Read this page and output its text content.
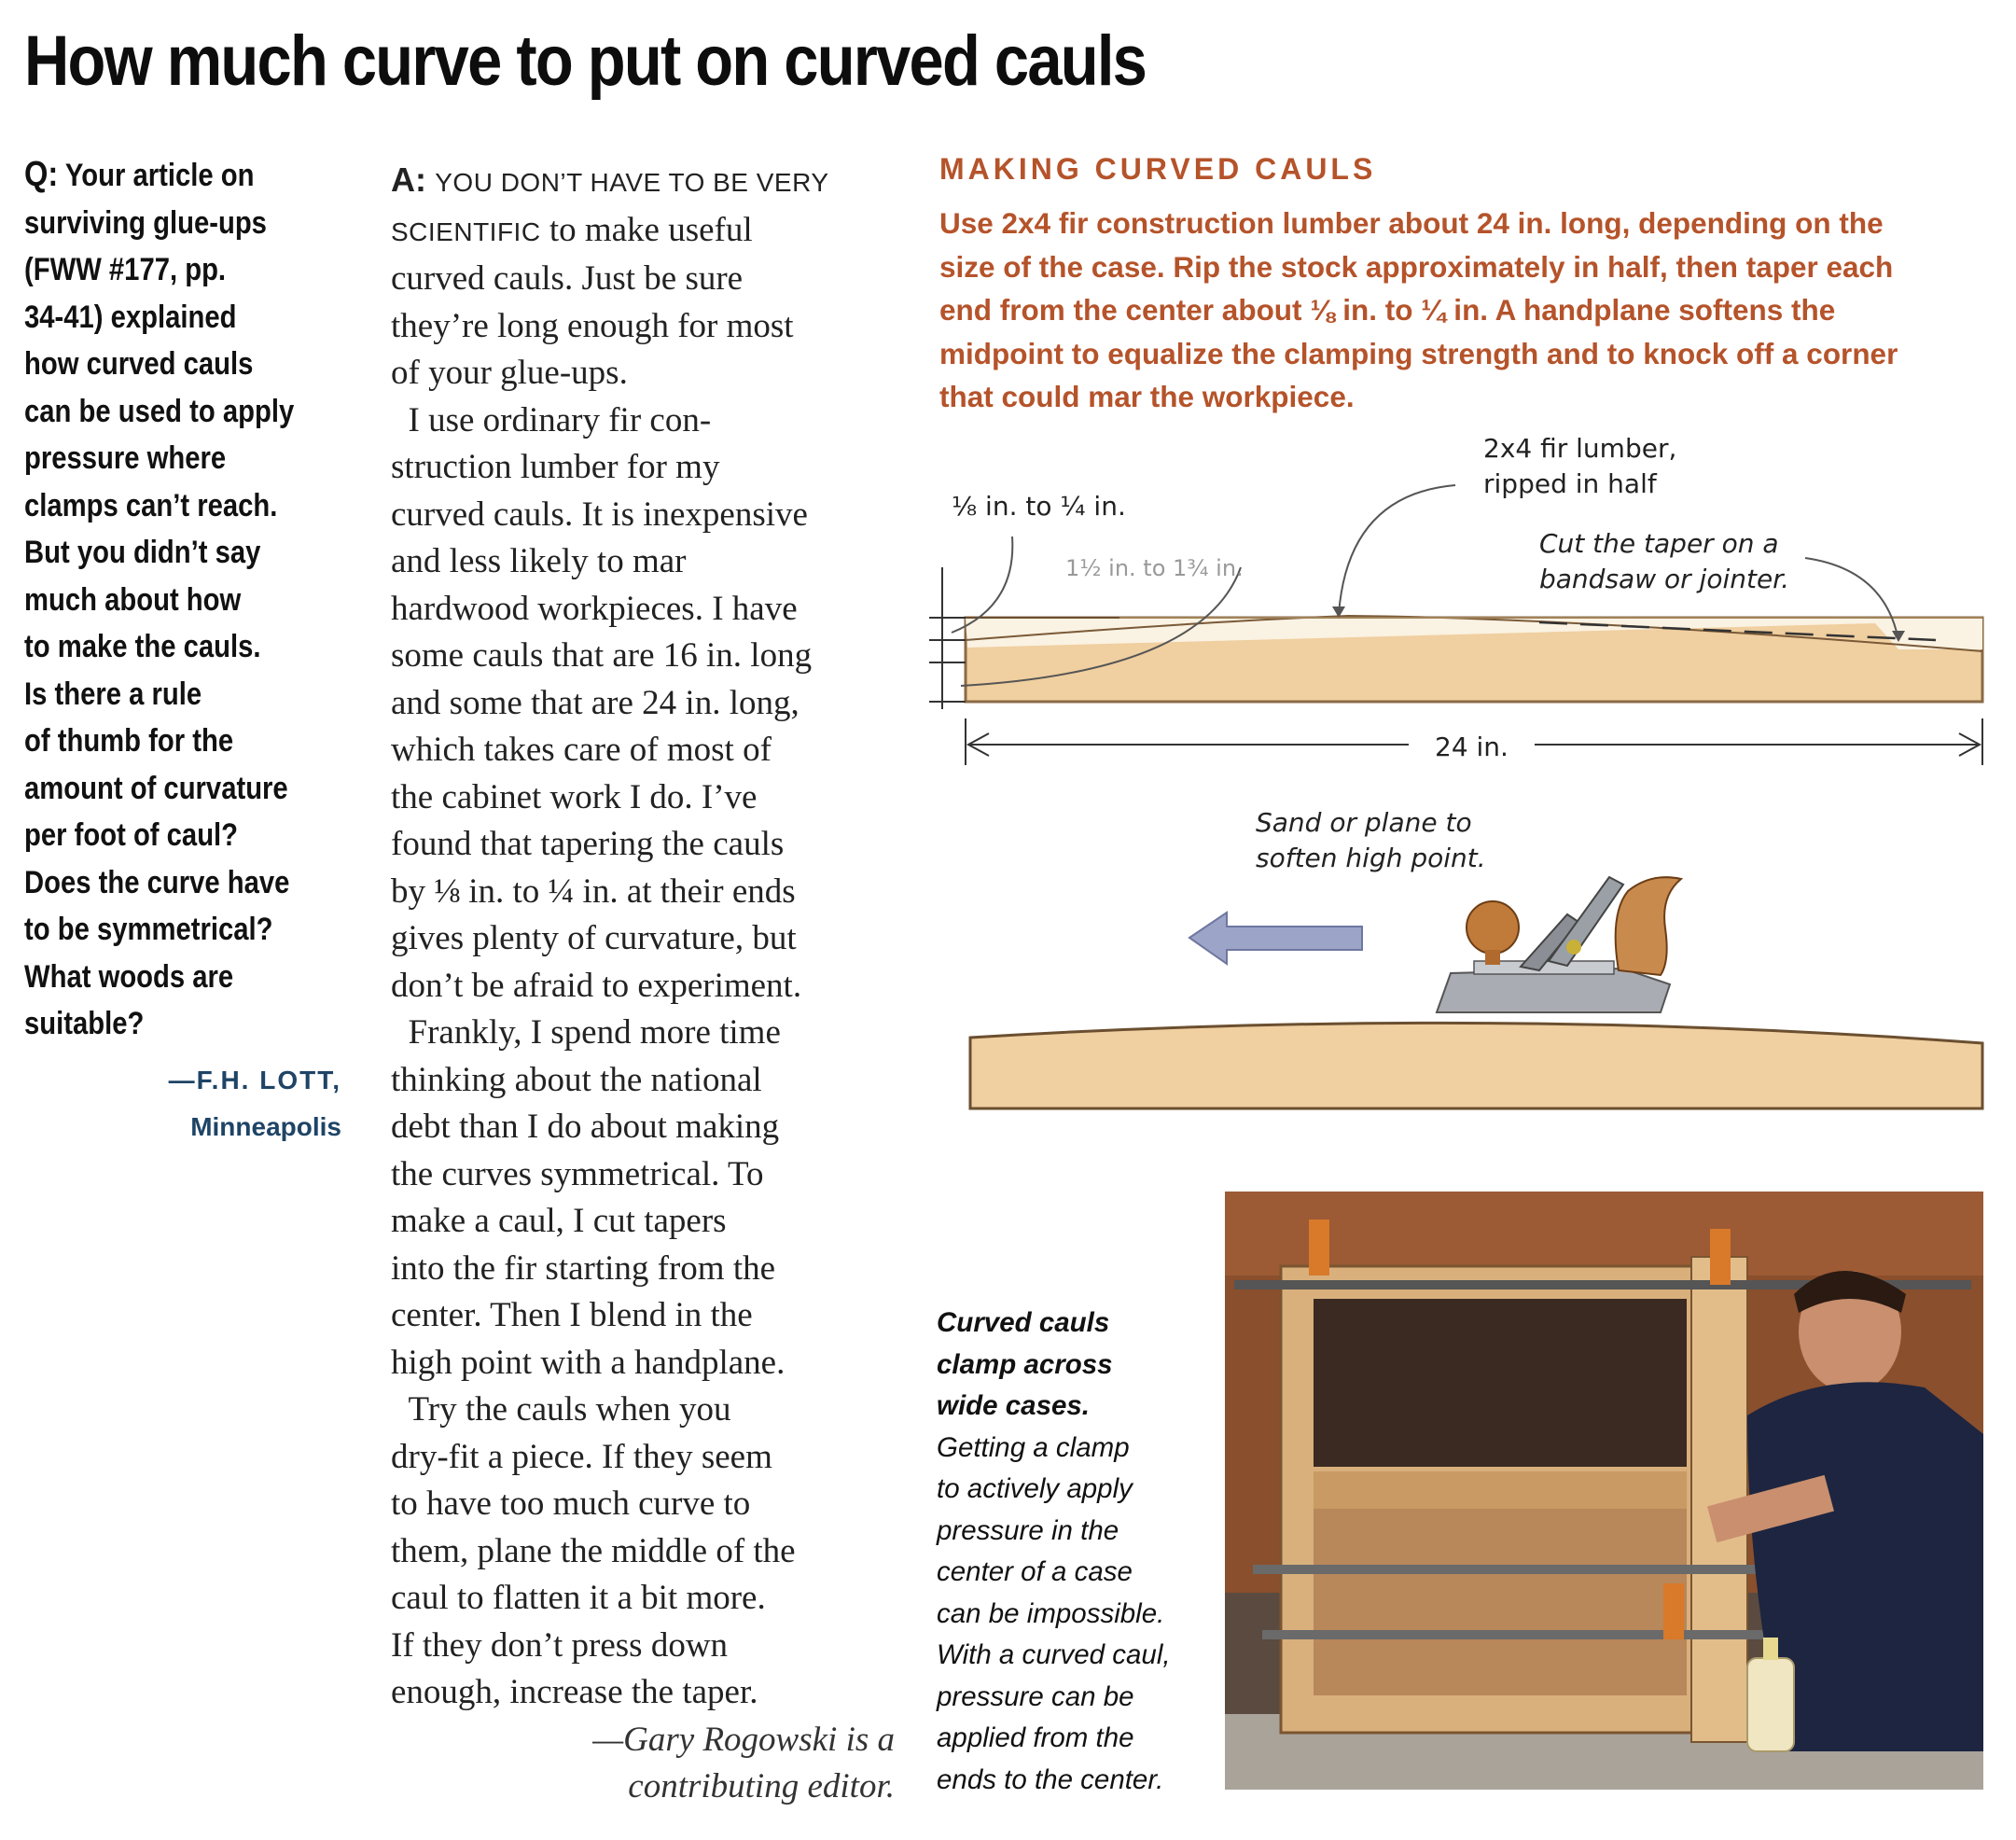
How much curve to put on curved cauls
Q: Your article on
surviving glue-ups
(FWW #177, pp.
34-41) explained
how curved cauls
can be used to apply
pressure where
clamps can’t reach.
But you didn’t say
much about how
to make the cauls.
Is there a rule
of thumb for the
amount of curvature
per foot of caul?
Does the curve have
to be symmetrical?
What woods are
suitable?
—F.H. LOTT,
Minneapolis
A: YOU DON’T HAVE TO BE VERY
SCIENTIFIC to make useful
curved cauls. Just be sure
they’re long enough for most
of your glue-ups.
I use ordinary fir con-
struction lumber for my
curved cauls. It is inexpensive
and less likely to mar
hardwood workpieces. I have
some cauls that are 16 in. long
and some that are 24 in. long,
which takes care of most of
the cabinet work I do. I’ve
found that tapering the cauls
by ⅛ in. to ¼ in. at their ends
gives plenty of curvature, but
don’t be afraid to experiment.
Frankly, I spend more time
thinking about the national
debt than I do about making
the curves symmetrical. To
make a caul, I cut tapers
into the fir starting from the
center. Then I blend in the
high point with a handplane.
Try the cauls when you
dry-fit a piece. If they seem
to have too much curve to
them, plane the middle of the
caul to flatten it a bit more.
If they don’t press down
enough, increase the taper.
—Gary Rogowski is a
contributing editor.
MAKING CURVED CAULS
Use 2x4 fir construction lumber about 24 in. long, depending on the
size of the case. Rip the stock approximately in half, then taper each
end from the center about ⅛ in. to ¼ in. A handplane softens the
midpoint to equalize the clamping strength and to knock off a corner
that could mar the workpiece.
⅛ in. to ¼ in.
1½ in. to 1¾ in.
2x4 fir lumber,
ripped in half
Cut the taper on a
bandsaw or jointer.
24 in.
Sand or plane to
soften high point.
Curved cauls
clamp across
wide cases.
Getting a clamp
to actively apply
pressure in the
center of a case
can be impossible.
With a curved caul,
pressure can be
applied from the
ends to the center.
